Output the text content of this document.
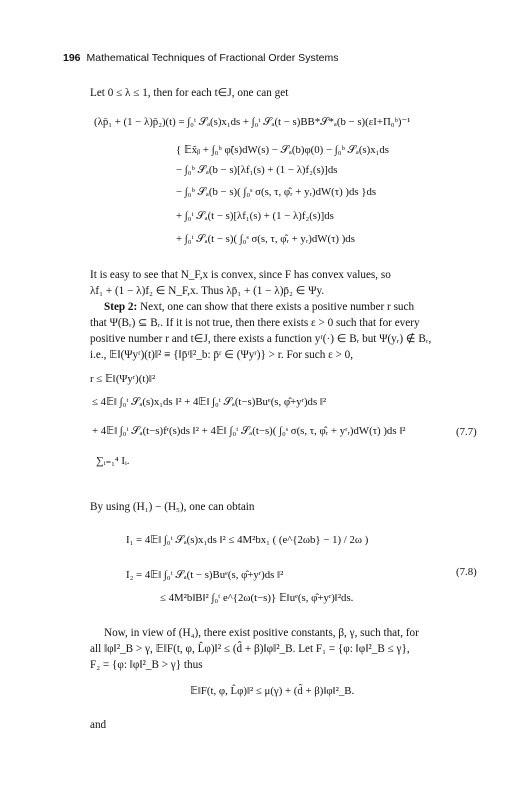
196 Mathematical Techniques of Fractional Order Systems
Let 0 ≤ λ ≤ 1, then for each t∈J, one can get
(λp̄₁ + (1 − λ)p̄₂)(t) = ∫₀ᵗ 𝒮ₐ(s)x₁ds + ∫₀ᵗ 𝒮ₐ(t − s)BB*𝒮*ₐ(b − s)(εI+Π₀ᵇ)⁻¹
{ 𝔼x̃ᵦ + ∫₀ᵇ φ̃(s)dW(s) − 𝒮ₐ(b)φ(0) − ∫₀ᵇ 𝒮ₐ(s)x₁ds
− ∫₀ᵇ 𝒮ₐ(b − s)[λf₁(s) + (1 − λ)f₂(s)]ds
− ∫₀ᵇ 𝒮ₐ(b − s)( ∫₀ˢ σ(s, τ, φ̂ᵣ + yᵣ)dW(τ) )ds }ds
+ ∫₀ᵗ 𝒮ₐ(t − s)[λf₁(s) + (1 − λ)f₂(s)]ds
+ ∫₀ᵗ 𝒮ₐ(t − s)( ∫₀ˢ σ(s, τ, φ̂ᵣ + yᵣ)dW(τ) )ds
It is easy to see that N_F,x is convex, since F has convex values, so
λf₁ + (1 − λ)f₂ ∈ N_F,x. Thus λp̄₁ + (1 − λ)p̄₂ ∈ Ψy.
Step 2: Next, one can show that there exists a positive number r such
that Ψ(Bᵣ) ⊆ Bᵣ. If it is not true, then there exists ε > 0 such that for every
positive number r and t∈J, there exists a function yʳ(·) ∈ Bᵣ but Ψ(yᵣ) ∉ Bᵣ,
i.e., 𝔼‖(Ψyʳ)(t)‖² ≡ {‖p̄ʳ‖²_b: p̄ʳ ∈ (Ψyʳ)} > r. For such ε > 0,
r ≤ 𝔼‖(Ψyʳ)(t)‖²
≤ 4𝔼‖ ∫₀ᵗ 𝒮ₐ(s)x₁ds ‖² + 4𝔼‖ ∫₀ᵗ 𝒮ₐ(t−s)Buᵉ(s, φ̂+yʳ)ds ‖²
+ 4𝔼‖ ∫₀ᵗ 𝒮ₐ(t−s)fʳ(s)ds ‖² + 4𝔼‖ ∫₀ᵗ 𝒮ₐ(t−s)( ∫₀ˢ σ(s, τ, φ̂ᵣ + yʳᵣ)dW(τ) )ds ‖²	(7.7)
∑ᵢ₌₁⁴ Iᵢ.
By using (H₁) − (H₅), one can obtain
I₁ = 4𝔼‖ ∫₀ᵗ 𝒮ₐ(s)x₁ds ‖² ≤ 4M²bx₁ ( (e^{2ωb} − 1) / 2ω )
I₂ = 4𝔼‖ ∫₀ᵗ 𝒮ₐ(t − s)Buᵉ(s, φ̂+yʳ)ds ‖²	(7.8)
≤ 4M²b‖B‖² ∫₀ᵗ e^{2ω(t−s)} 𝔼‖uᵉ(s, φ̂+yʳ)‖²ds.
Now, in view of (H₄), there exist positive constants, β, γ, such that, for
all ‖φ‖²_B > γ, 𝔼‖F(t, φ, L̂φ)‖² ≤ (d̂ + β)‖φ‖²_B. Let F₁ = {φ: ‖φ‖²_B ≤ γ},
F₂ = {φ: ‖φ‖²_B > γ} thus
𝔼‖F(t, φ, L̂φ)‖² ≤ μ(γ) + (d̂ + β)‖φ‖²_B.
and
